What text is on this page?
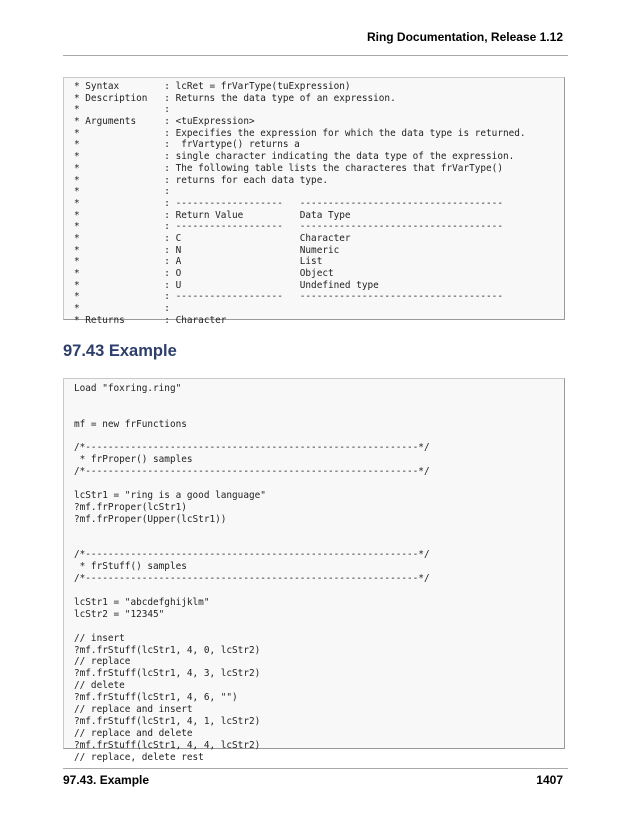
Ring Documentation, Release 1.12
* Syntax        : lcRet = frVarType(tuExpression)
* Description   : Returns the data type of an expression.
*               :
* Arguments     : <tuExpression>
*               : Expecifies the expression for which the data type is returned.
*               :  frVartype() returns a
*               : single character indicating the data type of the expression.
*               : The following table lists the characteres that frVarType()
*               : returns for each data type.
*               :
*               : -------------------   ------------------------------------
*               : Return Value          Data Type
*               : -------------------   ------------------------------------
*               : C                     Character
*               : N                     Numeric
*               : A                     List
*               : O                     Object
*               : U                     Undefined type
*               : -------------------   ------------------------------------
*               :
* Returns       : Character
97.43 Example
Load "foxring.ring"
mf = new frFunctions
/*-----------------------------------------------------------*/
* frProper() samples
/*-----------------------------------------------------------*/
lcStr1 = "ring is a good language"
?mf.frProper(lcStr1)
?mf.frProper(Upper(lcStr1))
/*-----------------------------------------------------------*/
* frStuff() samples
/*-----------------------------------------------------------*/
lcStr1 = "abcdefghijklm"
lcStr2 = "12345"
// insert
?mf.frStuff(lcStr1, 4, 0, lcStr2)
// replace
?mf.frStuff(lcStr1, 4, 3, lcStr2)
// delete
?mf.frStuff(lcStr1, 4, 6, "")
// replace and insert
?mf.frStuff(lcStr1, 4, 1, lcStr2)
// replace and delete
?mf.frStuff(lcStr1, 4, 4, lcStr2)
// replace, delete rest
97.43. Example	1407
